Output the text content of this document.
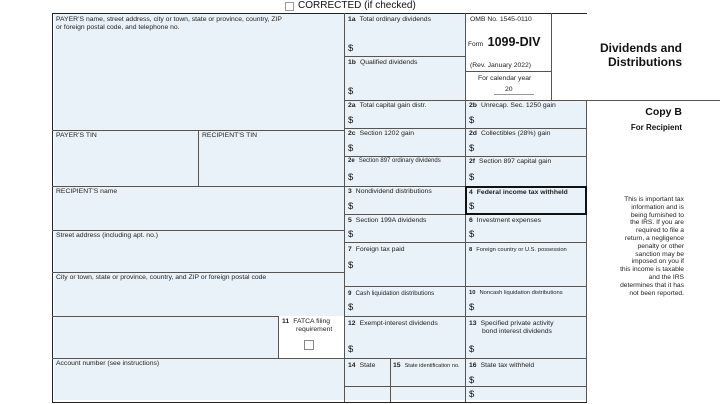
CORRECTED (if checked)
PAYER’S name, street address, city or town, state or province, country, ZIP
or foreign postal code, and telephone no.
PAYER’S TIN	RECIPIENT’S TIN
RECIPIENT’S name
Street address (including apt. no.)
City or town, state or province, country, and ZIP or foreign postal code
Account number (see instructions)
11 FATCA filing
requirement
1a Total ordinary dividends
$
1b Qualified dividends
$
2a Total capital gain distr.
$
2b Unrecap. Sec. 1250 gain
$
2c Section 1202 gain
$
2d Collectibles (28%) gain
$
2e Section 897 ordinary dividends
$
2f Section 897 capital gain
$
3 Nondividend distributions
$
4 Federal income tax withheld
$
5 Section 199A dividends
$
6 Investment expenses
$
7 Foreign tax paid
$
8 Foreign country or U.S. possession
9 Cash liquidation distributions
$
10 Noncash liquidation distributions
$
12 Exempt-interest dividends
$
13 Specified private activity
bond interest dividends
$
14 State	15 State identification no. 16 State tax withheld
$
$
OMB No. 1545-0110
Form 1099-DIV
(Rev. January 2022)
For calendar year
20
Dividends and
Distributions
Copy B
For Recipient
This is important tax
information and is
being furnished to
the IRS. If you are
required to file a
return, a negligence
penalty or other
sanction may be
imposed on you if
this income is taxable
and the IRS
determines that it has
not been reported.
